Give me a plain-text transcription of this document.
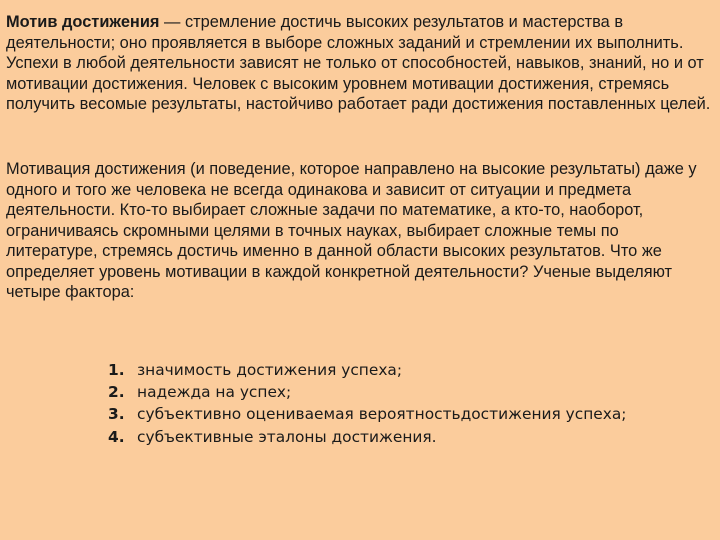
Мотив достижения — стремление достичь высоких результатов и мастерства в деятельности; оно проявляется в выборе сложных заданий и стремлении их выполнить. Успехи в любой деятельности зависят не только от способностей, навыков, знаний, но и от мотивации достижения. Человек с высоким уровнем мотивации достижения, стремясь получить весомые результаты, настойчиво работает ради достижения поставленных целей.

Мотивация достижения (и поведение, которое направлено на высокие результаты) даже у одного и того же человека не всегда одинакова и зависит от ситуации и предмета деятельности. Кто-то выбирает сложные задачи по математике, а кто-то, наоборот, ограничиваясь скромными целями в точных науках, выбирает сложные темы по литературе, стремясь достичь именно в данной области высоких результатов. Что же определяет уровень мотивации в каждой конкретной деятельности? Ученые выделяют четыре фактора:

1. значимость достижения успеха;
2. надежда на успех;
3. субъективно оцениваемая вероятностьдостижения успеха;
4. субъективные эталоны достижения.
